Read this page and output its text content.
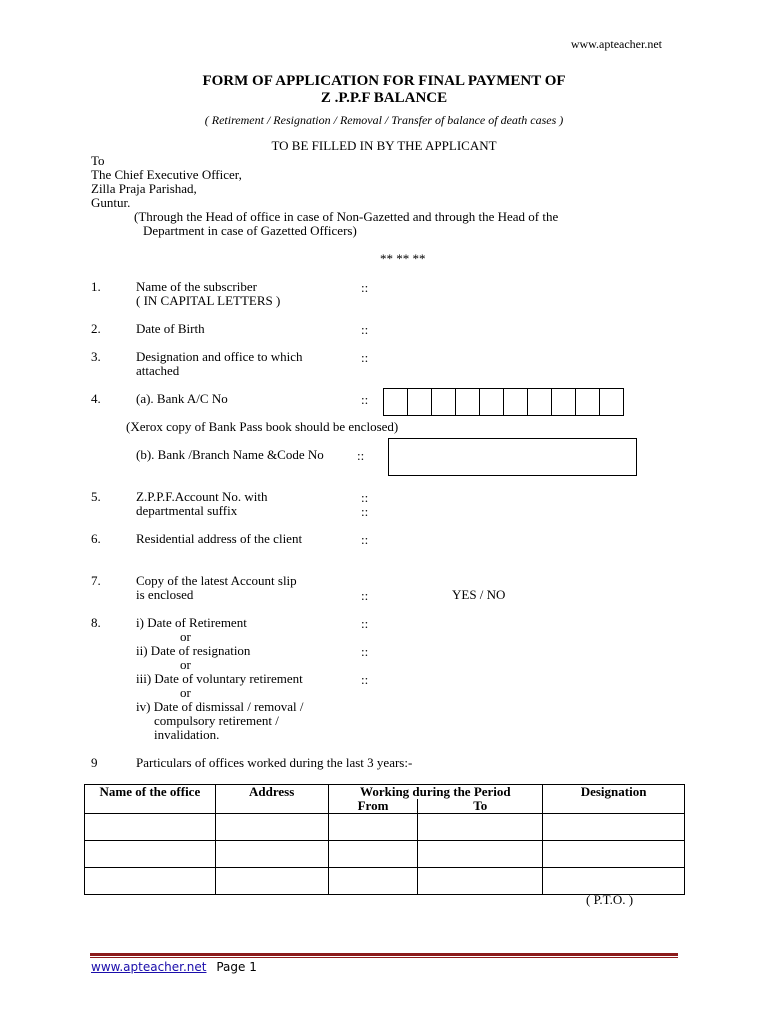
www.apteacher.net
FORM OF APPLICATION FOR FINAL PAYMENT OF
Z .P.P.F BALANCE
( Retirement / Resignation / Removal / Transfer of balance of death cases )
TO BE FILLED IN BY THE APPLICANT
To
The Chief Executive Officer,
Zilla Praja Parishad,
Guntur.
(Through the Head of office in case of Non-Gazetted and through the Head of the
Department in case of Gazetted Officers)
** ** **
1.	Name of the subscriber
( IN CAPITAL LETTERS )
::
2.	Date of Birth	::
3.	Designation and office to which
attached
::
4.	(a). Bank A/C No	::
(Xerox copy of Bank Pass book should be enclosed)
(b). Bank /Branch Name &Code No	::
5.	Z.P.P.F.Account No. with
departmental suffix
::
::
6.	Residential address of the client	::
7.	Copy of the latest Account slip
is enclosed	::	YES / NO
8.	i) Date of Retirement	::
or
ii) Date of resignation	::
or
iii) Date of voluntary retirement	::
or
iv) Date of dismissal / removal /
compulsory retirement /
invalidation.
9	Particulars of offices worked during the last 3 years:-
Name of the office	Address	Working during the Period		Designation
		From	To	

( P.T.O. )
www.apteacher.net Page 1
